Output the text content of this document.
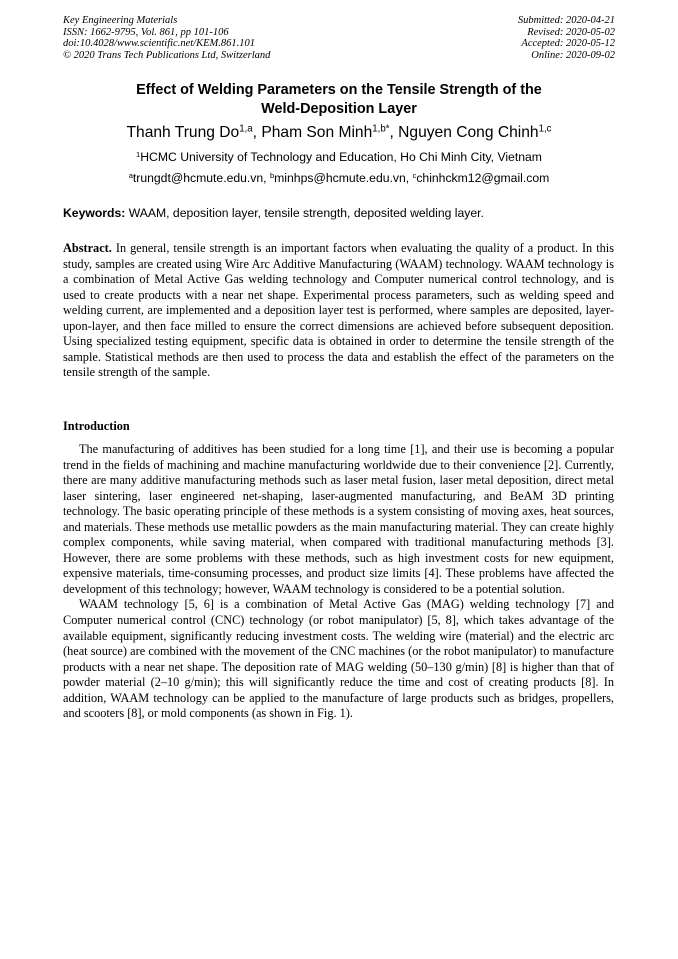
Key Engineering Materials
ISSN: 1662-9795, Vol. 861, pp 101-106
doi:10.4028/www.scientific.net/KEM.861.101
© 2020 Trans Tech Publications Ltd, Switzerland
Submitted: 2020-04-21
Revised: 2020-05-02
Accepted: 2020-05-12
Online: 2020-09-02
Effect of Welding Parameters on the Tensile Strength of the
Weld-Deposition Layer
Thanh Trung Do$^{1,a}$, Pham Son Minh$^{1,b*}$, Nguyen Cong Chinh$^{1,c}$
$^1$HCMC University of Technology and Education, Ho Chi Minh City, Vietnam
$^a$trungdt@hcmute.edu.vn, $^b$minhps@hcmute.edu.vn, $^c$chinhckm12@gmail.com
Keywords: WAAM, deposition layer, tensile strength, deposited welding layer.

Abstract. In general, tensile strength is an important factors when evaluating the quality of a product. In this study, samples are created using Wire Arc Additive Manufacturing (WAAM) technology. WAAM technology is a combination of Metal Active Gas welding technology and Computer numerical control technology, and is used to create products with a near net shape. Experimental process parameters, such as welding speed and welding current, are implemented and a deposition layer test is performed, where samples are deposited, layer-upon-layer, and then face milled to ensure the correct dimensions are achieved before subsequent deposition. Using specialized testing equipment, specific data is obtained in order to determine the tensile strength of the sample. Statistical methods are then used to process the data and establish the effect of the parameters on the tensile strength of the sample.

Introduction

The manufacturing of additives has been studied for a long time [1], and their use is becoming a popular trend in the fields of machining and machine manufacturing worldwide due to their convenience [2]. Currently, there are many additive manufacturing methods such as laser metal fusion, laser metal deposition, direct metal laser sintering, laser engineered net-shaping, laser-augmented manufacturing, and BeAM 3D printing technology. The basic operating principle of these methods is a system consisting of moving axes, heat sources, and materials. These methods use metallic powders as the main manufacturing material. They can create highly complex components, while saving material, when compared with traditional manufacturing methods [3]. However, there are some problems with these methods, such as high investment costs for new equipment, expensive materials, time-consuming processes, and product size limits [4]. These problems have affected the development of this technology; however, WAAM technology is considered to be a potential solution.

WAAM technology [5, 6] is a combination of Metal Active Gas (MAG) welding technology [7] and Computer numerical control (CNC) technology (or robot manipulator) [5, 8], which takes advantage of the available equipment, significantly reducing investment costs. The welding wire (material) and the electric arc (heat source) are combined with the movement of the CNC machines (or the robot manipulator) to manufacture products with a near net shape. The deposition rate of MAG welding (50–130 g/min) [8] is higher than that of powder material (2–10 g/min); this will significantly reduce the time and cost of creating products [8]. In addition, WAAM technology can be applied to the manufacture of large products such as bridges, propellers, and scooters [8], or mold components (as shown in Fig. 1).
